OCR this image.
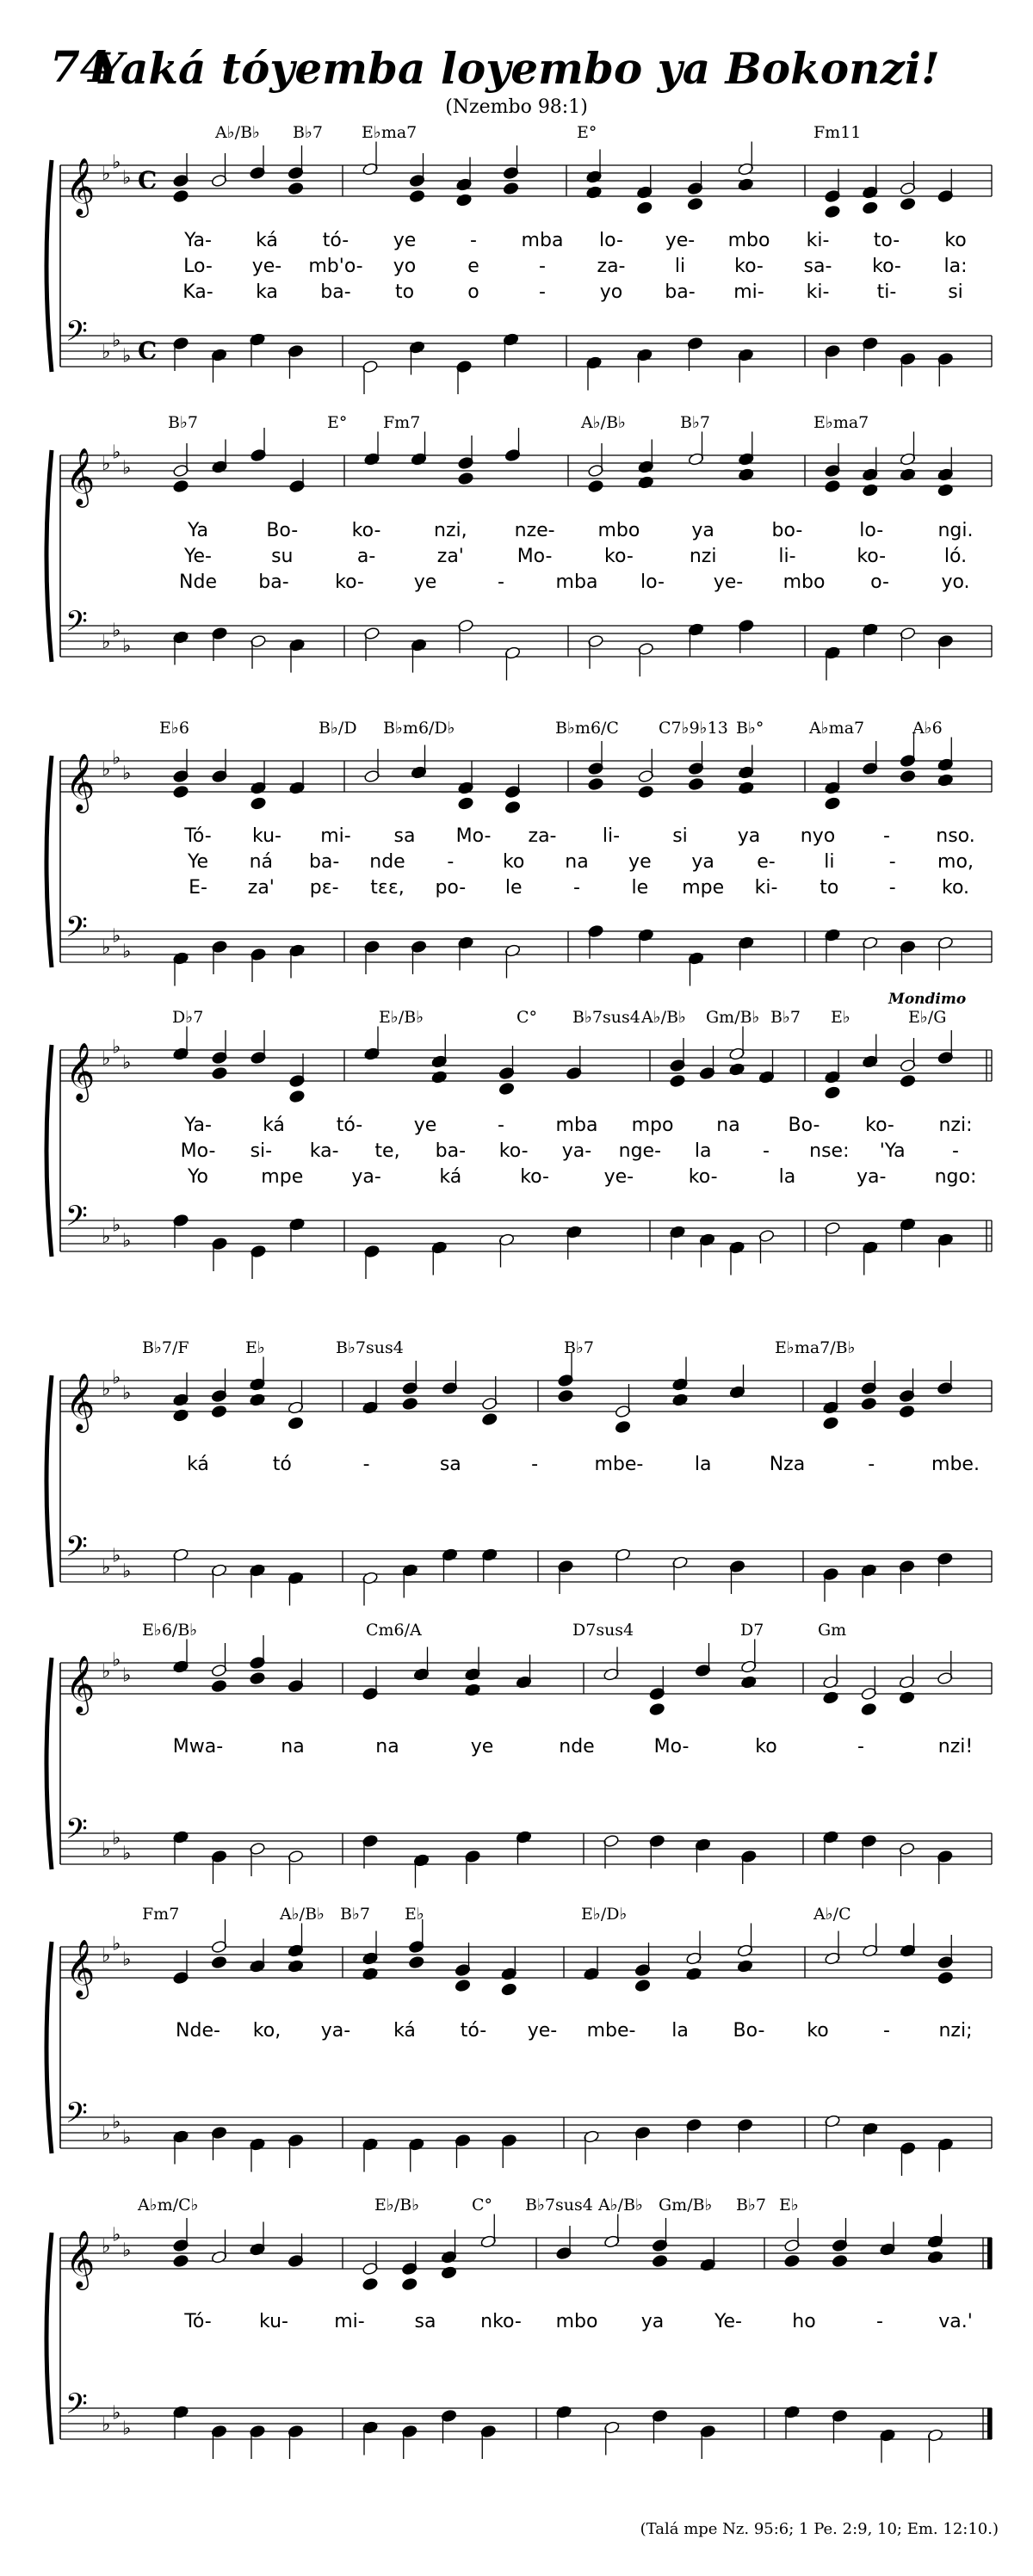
74
Yaká tóyemba loyembo ya Bokonzi!
(Nzembo 98:1)
𝄞 ♭
♭
♭ C
𝄢 ♭
♭
♭ C
A♭/B♭ B♭7 E♭ma7	E°	Fm11
Ya- ká tó- ye	- mba lo- ye- mbo ki- to- ko
Lo- ye- mb'o- yo	e	-	za-	li	ko- sa- ko- la:
Ka- ka ba- to	o	-	yo ba- mi- ki-	ti-	si
𝄞 ♭
♭
♭
𝄢 ♭
♭
♭
B♭7	E° Fm7	A♭/B♭	B♭7	E♭ma7
Ya	Bo-	ko-	nzi, nze- mbo	ya	bo-	lo-	ngi.
Ye-	su	a-	za'	Mo-	ko-	nzi	li-	ko-	ló.
Nde ba- ko-	ye	-	mba lo-	ye- mbo o-	yo.
𝄞 ♭
♭
♭
𝄢 ♭
♭
♭
E♭6	B♭/D B♭m6/D♭	B♭m6/C C7♭9♭13 B♭°	A♭ma7	A♭6
Tó- ku- mi- sa Mo- za- li-	si	ya nyo	- nso.
Ye ná ba- nde -	ko na ye ya e-	li	- mo,
E- za' pɛ- tɛɛ, po- le	-	le mpe ki- to	- ko.
𝄞 ♭
♭
♭
𝄢 ♭
♭
♭
D♭7	E♭/B♭	C° B♭7sus4 A♭/B♭ Gm/B♭ B♭7 E♭	E♭/G
Mondimo
Ya-	ká	tó-	ye	-	mba mpo na	Bo- ko- nzi:
Mo- si- ka- te, ba- ko- ya- nge- la	- nse: 'Ya -
Yo	mpe	ya-	ká	ko-	ye-	ko-	la	ya-	ngo:
𝄞 ♭
♭
♭
𝄢 ♭
♭
♭
B♭7/F	E♭	B♭7sus4	B♭7	E♭ma7/B♭
ká	tó	-	sa	-	mbe-	la	Nza	-	mbe.
𝄞 ♭
♭
♭
𝄢 ♭
♭
♭
E♭6/B♭	Cm6/A	D7sus4	D7	Gm
Mwa-	na	na	ye	nde	Mo-	ko	-	nzi!
𝄞 ♭
♭
♭
𝄢 ♭
♭
♭
Fm7	A♭/B♭ B♭7 E♭	E♭/D♭	A♭/C
Nde- ko, ya- ká tó- ye- mbe- la Bo- ko	-	nzi;
𝄞 ♭
♭
♭
𝄢 ♭
♭
♭
A♭m/C♭	E♭/B♭	C° B♭7sus4 A♭/B♭ Gm/B♭ B♭7 E♭
Tó-	ku- mi-	sa nko- mbo ya	Ye-	ho	-	va.'
(Talá mpe Nz. 95:6; 1 Pe. 2:9, 10; Em. 12:10.)
